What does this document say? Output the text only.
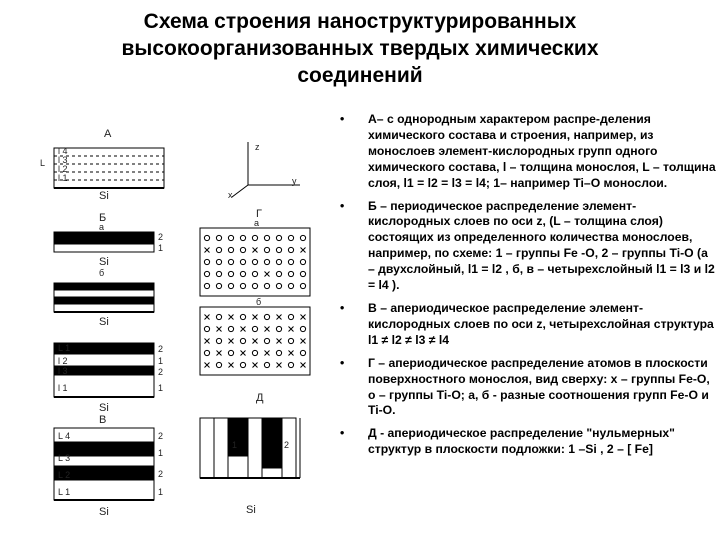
Схема строения наноструктурированных
высокоорганизованных твердых химических
соединений
А
L
l 4
l 3
l 2
l 1
Si
z
y
x
Б
а
2
1
Si
б
Si
L 1
l 2
l 3
l 1
2
1
2
1
Si
В
L 4
L 3
L 2
L 1
2
1
2
1
Si
Г
а
б
Д
1	2
Si
• А– с однородным характером распре-деления химического состава и строения, например, из монослоев элемент-кислородных групп одного химического состава, l – толщина монослоя, L – толщина слоя, l1 = l2 = l3 = l4; 1– например Ti–O монослои.
• Б – периодическое распределение элемент-кислородных слоев по оси z, (L – толщина слоя) состоящих из определенного количества монослоев, например, по схеме: 1 – группы Fe -O, 2 – группы Ti-O (а – двухслойный, l1 = l2 , б, в – четырехслойный l1 = l3 и l2 = l4 ).
• В – апериодическое распределение элемент-кислородных слоев по оси z, четырехслойная структура l1 ≠ l2 ≠ l3 ≠ l4
• Г – апериодическое распределение атомов в плоскости поверхностного монослоя, вид сверху: х – группы Fe-O, о – группы Ti-O; а, б - разные соотношения групп Fe-O и Ti-O.
• Д - апериодическое распределение "нульмерных" структур в плоскости подложки: 1 –Si , 2 – [ Fe]
